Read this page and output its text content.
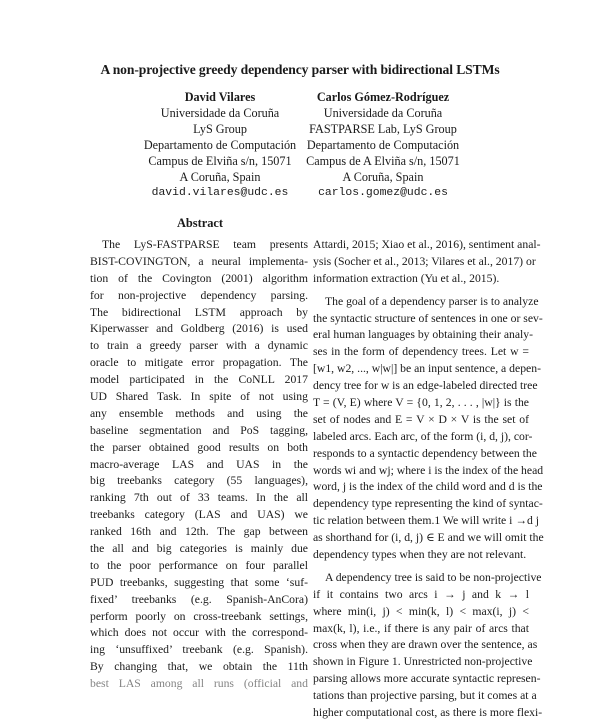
A non-projective greedy dependency parser with bidirectional LSTMs
David Vilares
Universidade da Coruña
LyS Group
Departamento de Computación
Campus de Elviña s/n, 15071
A Coruña, Spain
david.vilares@udc.es
Carlos Gómez-Rodríguez
Universidade da Coruña
FASTPARSE Lab, LyS Group
Departamento de Computación
Campus de A Elviña s/n, 15071
A Coruña, Spain
carlos.gomez@udc.es
Abstract
The LyS-FASTPARSE team presents
BIST-COVINGTON, a neural implementa-
tion of the Covington (2001) algorithm
for non-projective dependency parsing.
The bidirectional LSTM approach by
Kiperwasser and Goldberg (2016) is used
to train a greedy parser with a dynamic
oracle to mitigate error propagation. The
model participated in the CoNLL 2017
UD Shared Task. In spite of not using
any ensemble methods and using the
baseline segmentation and PoS tagging,
the parser obtained good results on both
macro-average LAS and UAS in the
big treebanks category (55 languages),
ranking 7th out of 33 teams. In the all
treebanks category (LAS and UAS) we
ranked 16th and 12th. The gap between
the all and big categories is mainly due
to the poor performance on four parallel
PUD treebanks, suggesting that some ‘suf-
fixed’ treebanks (e.g. Spanish-AnCora)
perform poorly on cross-treebank settings,
which does not occur with the correspond-
ing ‘unsuffixed’ treebank (e.g. Spanish).
By changing that, we obtain the 11th
best LAS among all runs (official and
Attardi, 2015; Xiao et al., 2016), sentiment anal-
ysis (Socher et al., 2013; Vilares et al., 2017) or
information extraction (Yu et al., 2015).
The goal of a dependency parser is to analyze
the syntactic structure of sentences in one or sev-
eral human languages by obtaining their analy-
ses in the form of dependency trees. Let w =
[w1, w2, ..., w|w|] be an input sentence, a depen-
dency tree for w is an edge-labeled directed tree
T = (V, E) where V = {0, 1, 2, . . . , |w|} is the
set of nodes and E = V × D × V is the set of
labeled arcs. Each arc, of the form (i, d, j), cor-
responds to a syntactic dependency between the
words wi and wj; where i is the index of the head
word, j is the index of the child word and d is the
dependency type representing the kind of syntac-
tic relation between them.1 We will write i →d j
as shorthand for (i, d, j) ∈ E and we will omit the
dependency types when they are not relevant.
A dependency tree is said to be non-projective
if it contains two arcs i → j and k → l
where min(i, j) < min(k, l) < max(i, j) <
max(k, l), i.e., if there is any pair of arcs that
cross when they are drawn over the sentence, as
shown in Figure 1. Unrestricted non-projective
parsing allows more accurate syntactic represen-
tations than projective parsing, but it comes at a
higher computational cost, as there is more flexi-
